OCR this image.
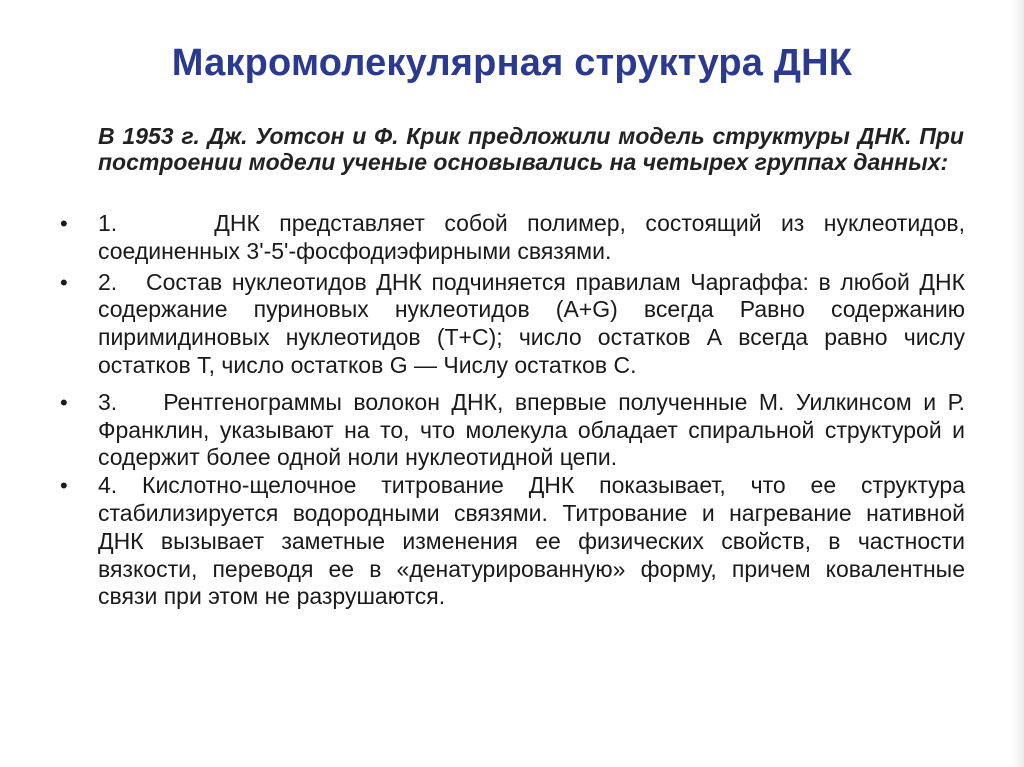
Макромолекулярная структура ДНК
В 1953 г. Дж. Уотсон и Ф. Крик предложили модель структуры ДНК. При построении модели ученые основывались на четырех группах данных:
•	1.     ДНК представляет собой полимер, состоящий из нуклеотидов, соединенных 3'-5'-фосфодиэфирными связями.
•	2.   Состав нуклеотидов ДНК подчиняется правилам Чаргаффа: в любой ДНК содержание пуриновых нуклеотидов (A+G) всегда Равно содержанию пиримидиновых нуклеотидов (T+C); число остатков А всегда равно числу остатков Т, число остатков G — Числу остатков С.
•	3.    Рентгенограммы волокон ДНК, впервые полученные М. Уилкинсом и Р. Франклин, указывают на то, что молекула обладает спиральной структурой и содержит более одной ноли нуклеотидной цепи.
•	4. Кислотно-щелочное титрование ДНК показывает, что ее структура стабилизируется водородными связями. Титрование и нагревание нативной ДНК вызывает заметные изменения ее физических свойств, в частности вязкости, переводя ее в «денатурированную» форму, причем ковалентные связи при этом не разрушаются.
